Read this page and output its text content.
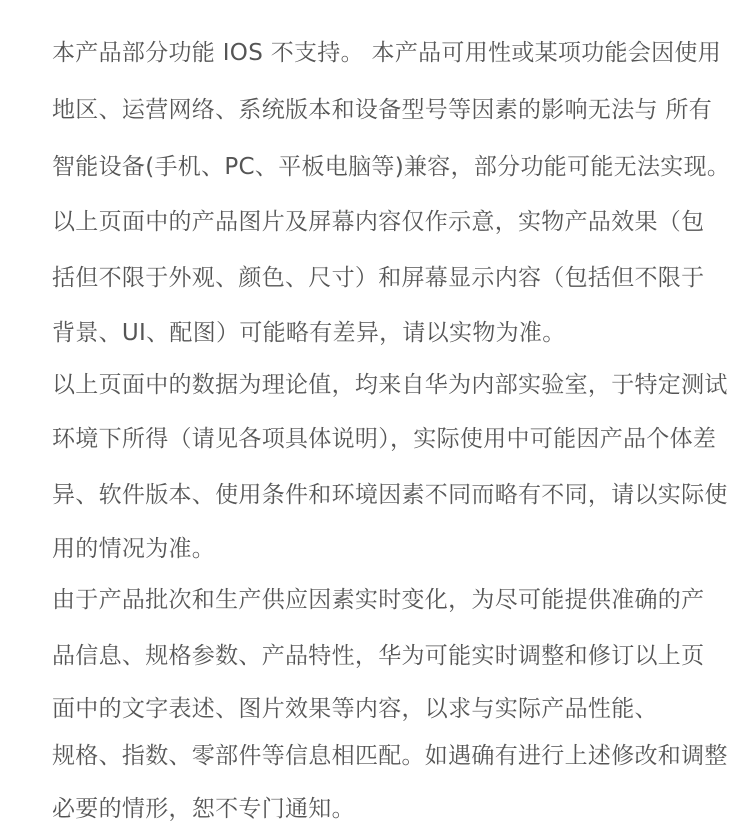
本产品部分功能 IOS 不支持。 本产品可用性或某项功能会因使用
地区、运营网络、系统版本和设备型号等因素的影响无法与 所有
智能设备(手机、PC、平板电脑等)兼容，部分功能可能无法实现。
以上页面中的产品图片及屏幕内容仅作示意，实物产品效果（包
括但不限于外观、颜色、尺寸）和屏幕显示内容（包括但不限于
背景、UI、配图）可能略有差异，请以实物为准。
以上页面中的数据为理论值，均来自华为内部实验室，于特定测试
环境下所得（请见各项具体说明），实际使用中可能因产品个体差
异、软件版本、使用条件和环境因素不同而略有不同，请以实际使
用的情况为准。
由于产品批次和生产供应因素实时变化，为尽可能提供准确的产
品信息、规格参数、产品特性，华为可能实时调整和修订以上页
面中的文字表述、图片效果等内容，以求与实际产品性能、
规格、指数、零部件等信息相匹配。如遇确有进行上述修改和调整
必要的情形，恕不专门通知。
